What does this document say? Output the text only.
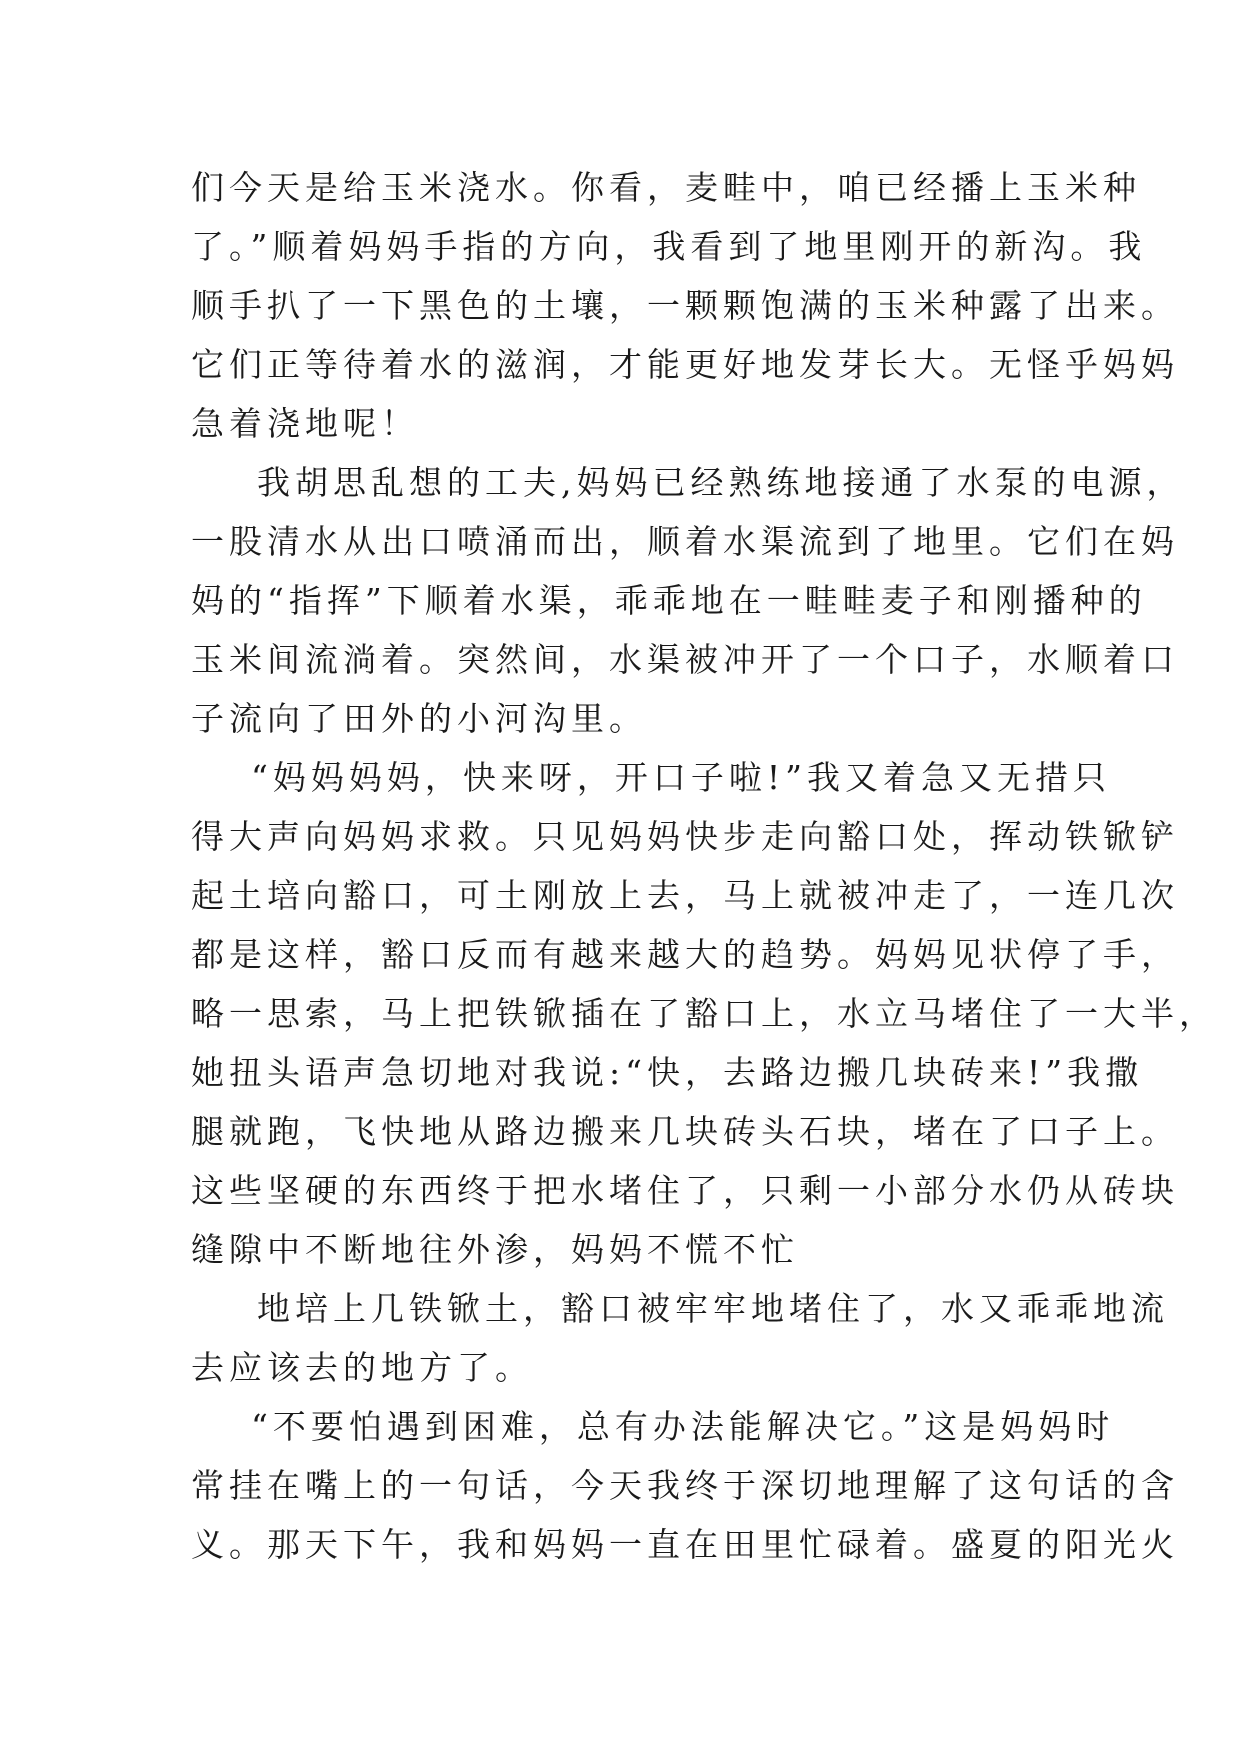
们今天是给玉米浇水。你看，麦畦中，咱已经播上玉米种
了。”顺着妈妈手指的方向，我看到了地里刚开的新沟。我
顺手扒了一下黑色的土壤，一颗颗饱满的玉米种露了出来。
它们正等待着水的滋润，才能更好地发芽长大。无怪乎妈妈
急着浇地呢！
我胡思乱想的工夫,妈妈已经熟练地接通了水泵的电源，
一股清水从出口喷涌而出，顺着水渠流到了地里。它们在妈
妈的“指挥”下顺着水渠，乖乖地在一畦畦麦子和刚播种的
玉米间流淌着。突然间，水渠被冲开了一个口子，水顺着口
子流向了田外的小河沟里。
“妈妈妈妈，快来呀，开口子啦!”我又着急又无措只
得大声向妈妈求救。只见妈妈快步走向豁口处，挥动铁锨铲
起土培向豁口，可土刚放上去，马上就被冲走了，一连几次
都是这样，豁口反而有越来越大的趋势。妈妈见状停了手，
略一思索，马上把铁锨插在了豁口上，水立马堵住了一大半，
她扭头语声急切地对我说:“快，去路边搬几块砖来!”我撒
腿就跑，飞快地从路边搬来几块砖头石块，堵在了口子上。
这些坚硬的东西终于把水堵住了，只剩一小部分水仍从砖块
缝隙中不断地往外渗，妈妈不慌不忙
地培上几铁锨土，豁口被牢牢地堵住了，水又乖乖地流
去应该去的地方了。
“不要怕遇到困难，总有办法能解决它。”这是妈妈时
常挂在嘴上的一句话，今天我终于深切地理解了这句话的含
义。那天下午，我和妈妈一直在田里忙碌着。盛夏的阳光火
